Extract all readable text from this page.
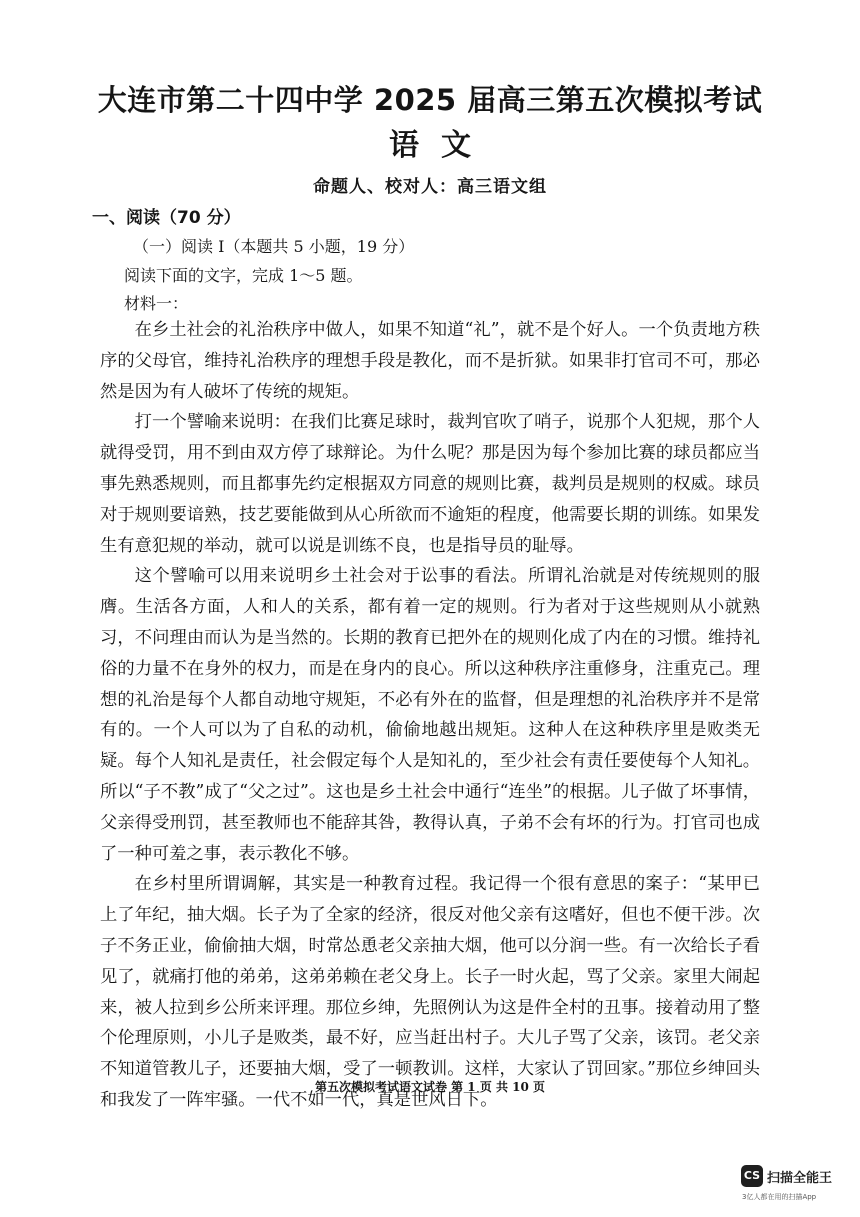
大连市第二十四中学 2025 届高三第五次模拟考试
语文
命题人、校对人：高三语文组
一、阅读（70 分）
（一）阅读 I（本题共 5 小题，19 分）
阅读下面的文字，完成 1～5 题。
材料一：

在乡土社会的礼治秩序中做人，如果不知道“礼”，就不是个好人。一个负责地方秩序的父母官，维持礼治秩序的理想手段是教化，而不是折狱。如果非打官司不可，那必然是因为有人破坏了传统的规矩。

打一个譬喻来说明：在我们比赛足球时，裁判官吹了哨子，说那个人犯规，那个人就得受罚，用不到由双方停了球辩论。为什么呢？那是因为每个参加比赛的球员都应当事先熟悉规则，而且都事先约定根据双方同意的规则比赛，裁判员是规则的权威。球员对于规则要谙熟，技艺要能做到从心所欲而不逾矩的程度，他需要长期的训练。如果发生有意犯规的举动，就可以说是训练不良，也是指导员的耻辱。

这个譬喻可以用来说明乡土社会对于讼事的看法。所谓礼治就是对传统规则的服膺。生活各方面，人和人的关系，都有着一定的规则。行为者对于这些规则从小就熟习，不问理由而认为是当然的。长期的教育已把外在的规则化成了内在的习惯。维持礼俗的力量不在身外的权力，而是在身内的良心。所以这种秩序注重修身，注重克己。理想的礼治是每个人都自动地守规矩，不必有外在的监督，但是理想的礼治秩序并不是常有的。一个人可以为了自私的动机，偷偷地越出规矩。这种人在这种秩序里是败类无疑。每个人知礼是责任，社会假定每个人是知礼的，至少社会有责任要使每个人知礼。所以“子不教”成了“父之过”。这也是乡土社会中通行“连坐”的根据。儿子做了坏事情，父亲得受刑罚，甚至教师也不能辞其咎，教得认真，子弟不会有坏的行为。打官司也成了一种可羞之事，表示教化不够。

在乡村里所谓调解，其实是一种教育过程。我记得一个很有意思的案子：“某甲已上了年纪，抽大烟。长子为了全家的经济，很反对他父亲有这嗜好，但也不便干涉。次子不务正业，偷偷抽大烟，时常怂恿老父亲抽大烟，他可以分润一些。有一次给长子看见了，就痛打他的弟弟，这弟弟赖在老父身上。长子一时火起，骂了父亲。家里大闹起来，被人拉到乡公所来评理。那位乡绅，先照例认为这是件全村的丑事。接着动用了整个伦理原则，小儿子是败类，最不好，应当赶出村子。大儿子骂了父亲，该罚。老父亲不知道管教儿子，还要抽大烟，受了一顿教训。这样，大家认了罚回家。”那位乡绅回头和我发了一阵牢骚。一代不如一代，真是世风日下。

第五次模拟考试语文试卷 第 1 页 共 10 页
CS 扫描全能王
3亿人都在用的扫描App
